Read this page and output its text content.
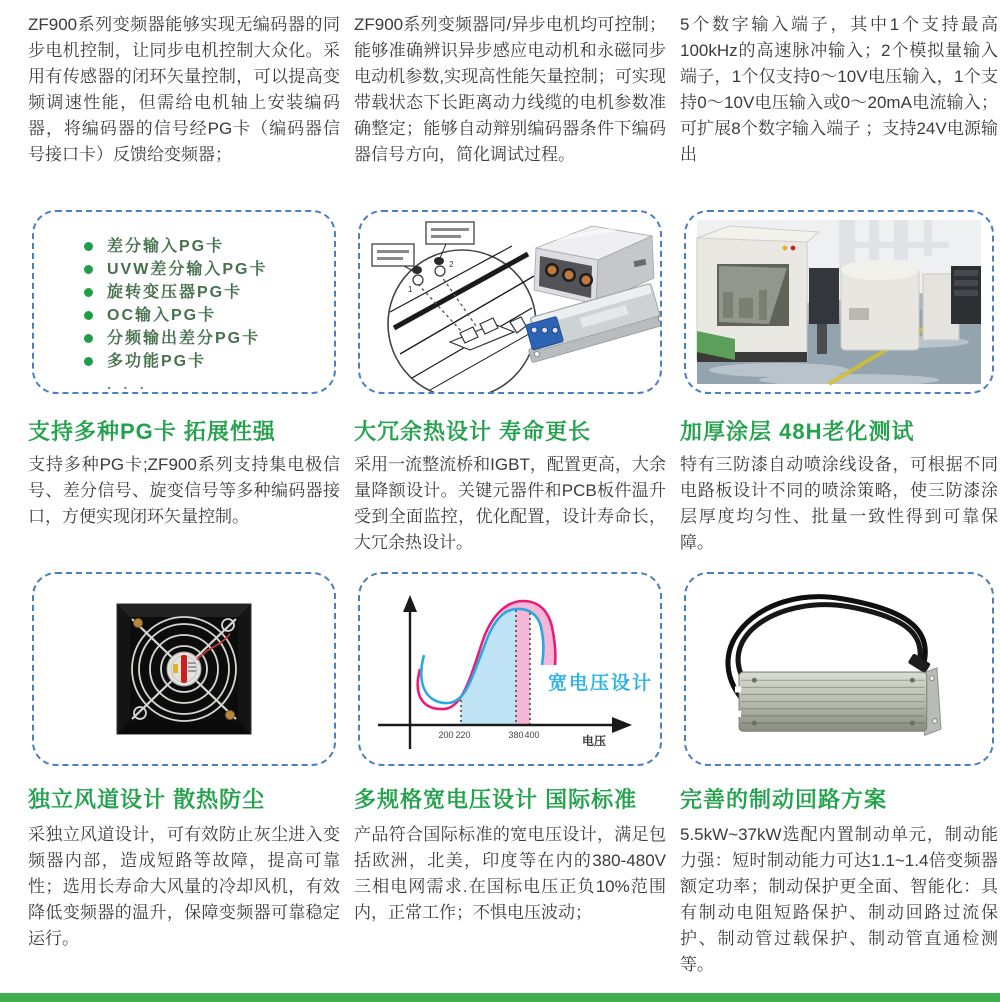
ZF900系列变频器能够实现无编码器的同步电机控制，让同步电机控制大众化。采用有传感器的闭环矢量控制，可以提高变频调速性能，但需给电机轴上安装编码器，将编码器的信号经PG卡（编码器信号接口卡）反馈给变频器；

ZF900系列变频器同/异步电机均可控制；能够准确辨识异步感应电动机和永磁同步电动机参数,实现高性能矢量控制；可实现带载状态下长距离动力线缆的电机参数准确整定；能够自动辩别编码器条件下编码器信号方向，简化调试过程。

5个数字输入端子，其中1个支持最高100kHz的高速脉冲输入；2个模拟量输入端子，1个仅支持0～10V电压输入，1个支持0～10V电压输入或0～20mA电流输入；可扩展8个数字输入端子 ；支持24V电源输出

差分输入PG卡
UVW差分输入PG卡
旋转变压器PG卡
OC输入PG卡
分频输出差分PG卡
多功能PG卡
. . .
1
2
支持多种PG卡 拓展性强	大冗余热设计 寿命更长	加厚涂层 48H老化测试

支持多种PG卡;ZF900系列支持集电极信号、差分信号、旋变信号等多种编码器接口，方便实现闭环矢量控制。

采用一流整流桥和IGBT，配置更高，大余量降额设计。关键元器件和PCB板件温升受到全面监控，优化配置，设计寿命长，大冗余热设计。

特有三防漆自动喷涂线设备，可根据不同电路板设计不同的喷涂策略，使三防漆涂层厚度均匀性、批量一致性得到可靠保障。

200 220	380 400	电压
宽电压设计
独立风道设计 散热防尘	多规格宽电压设计 国际标准	完善的制动回路方案

采独立风道设计，可有效防止灰尘进入变频器内部，造成短路等故障，提高可靠性；选用长寿命大风量的冷却风机，有效降低变频器的温升，保障变频器可靠稳定运行。

产品符合国际标准的宽电压设计，满足包括欧洲，北美，印度等在内的380-480V 三相电网需求.在国标电压正负10%范围内，正常工作；不惧电压波动；

5.5kW~37kW选配内置制动单元，制动能力强：短时制动能力可达1.1~1.4倍变频器额定功率；制动保护更全面、智能化：具有制动电阻短路保护、制动回路过流保护、制动管过载保护、制动管直通检测等。
